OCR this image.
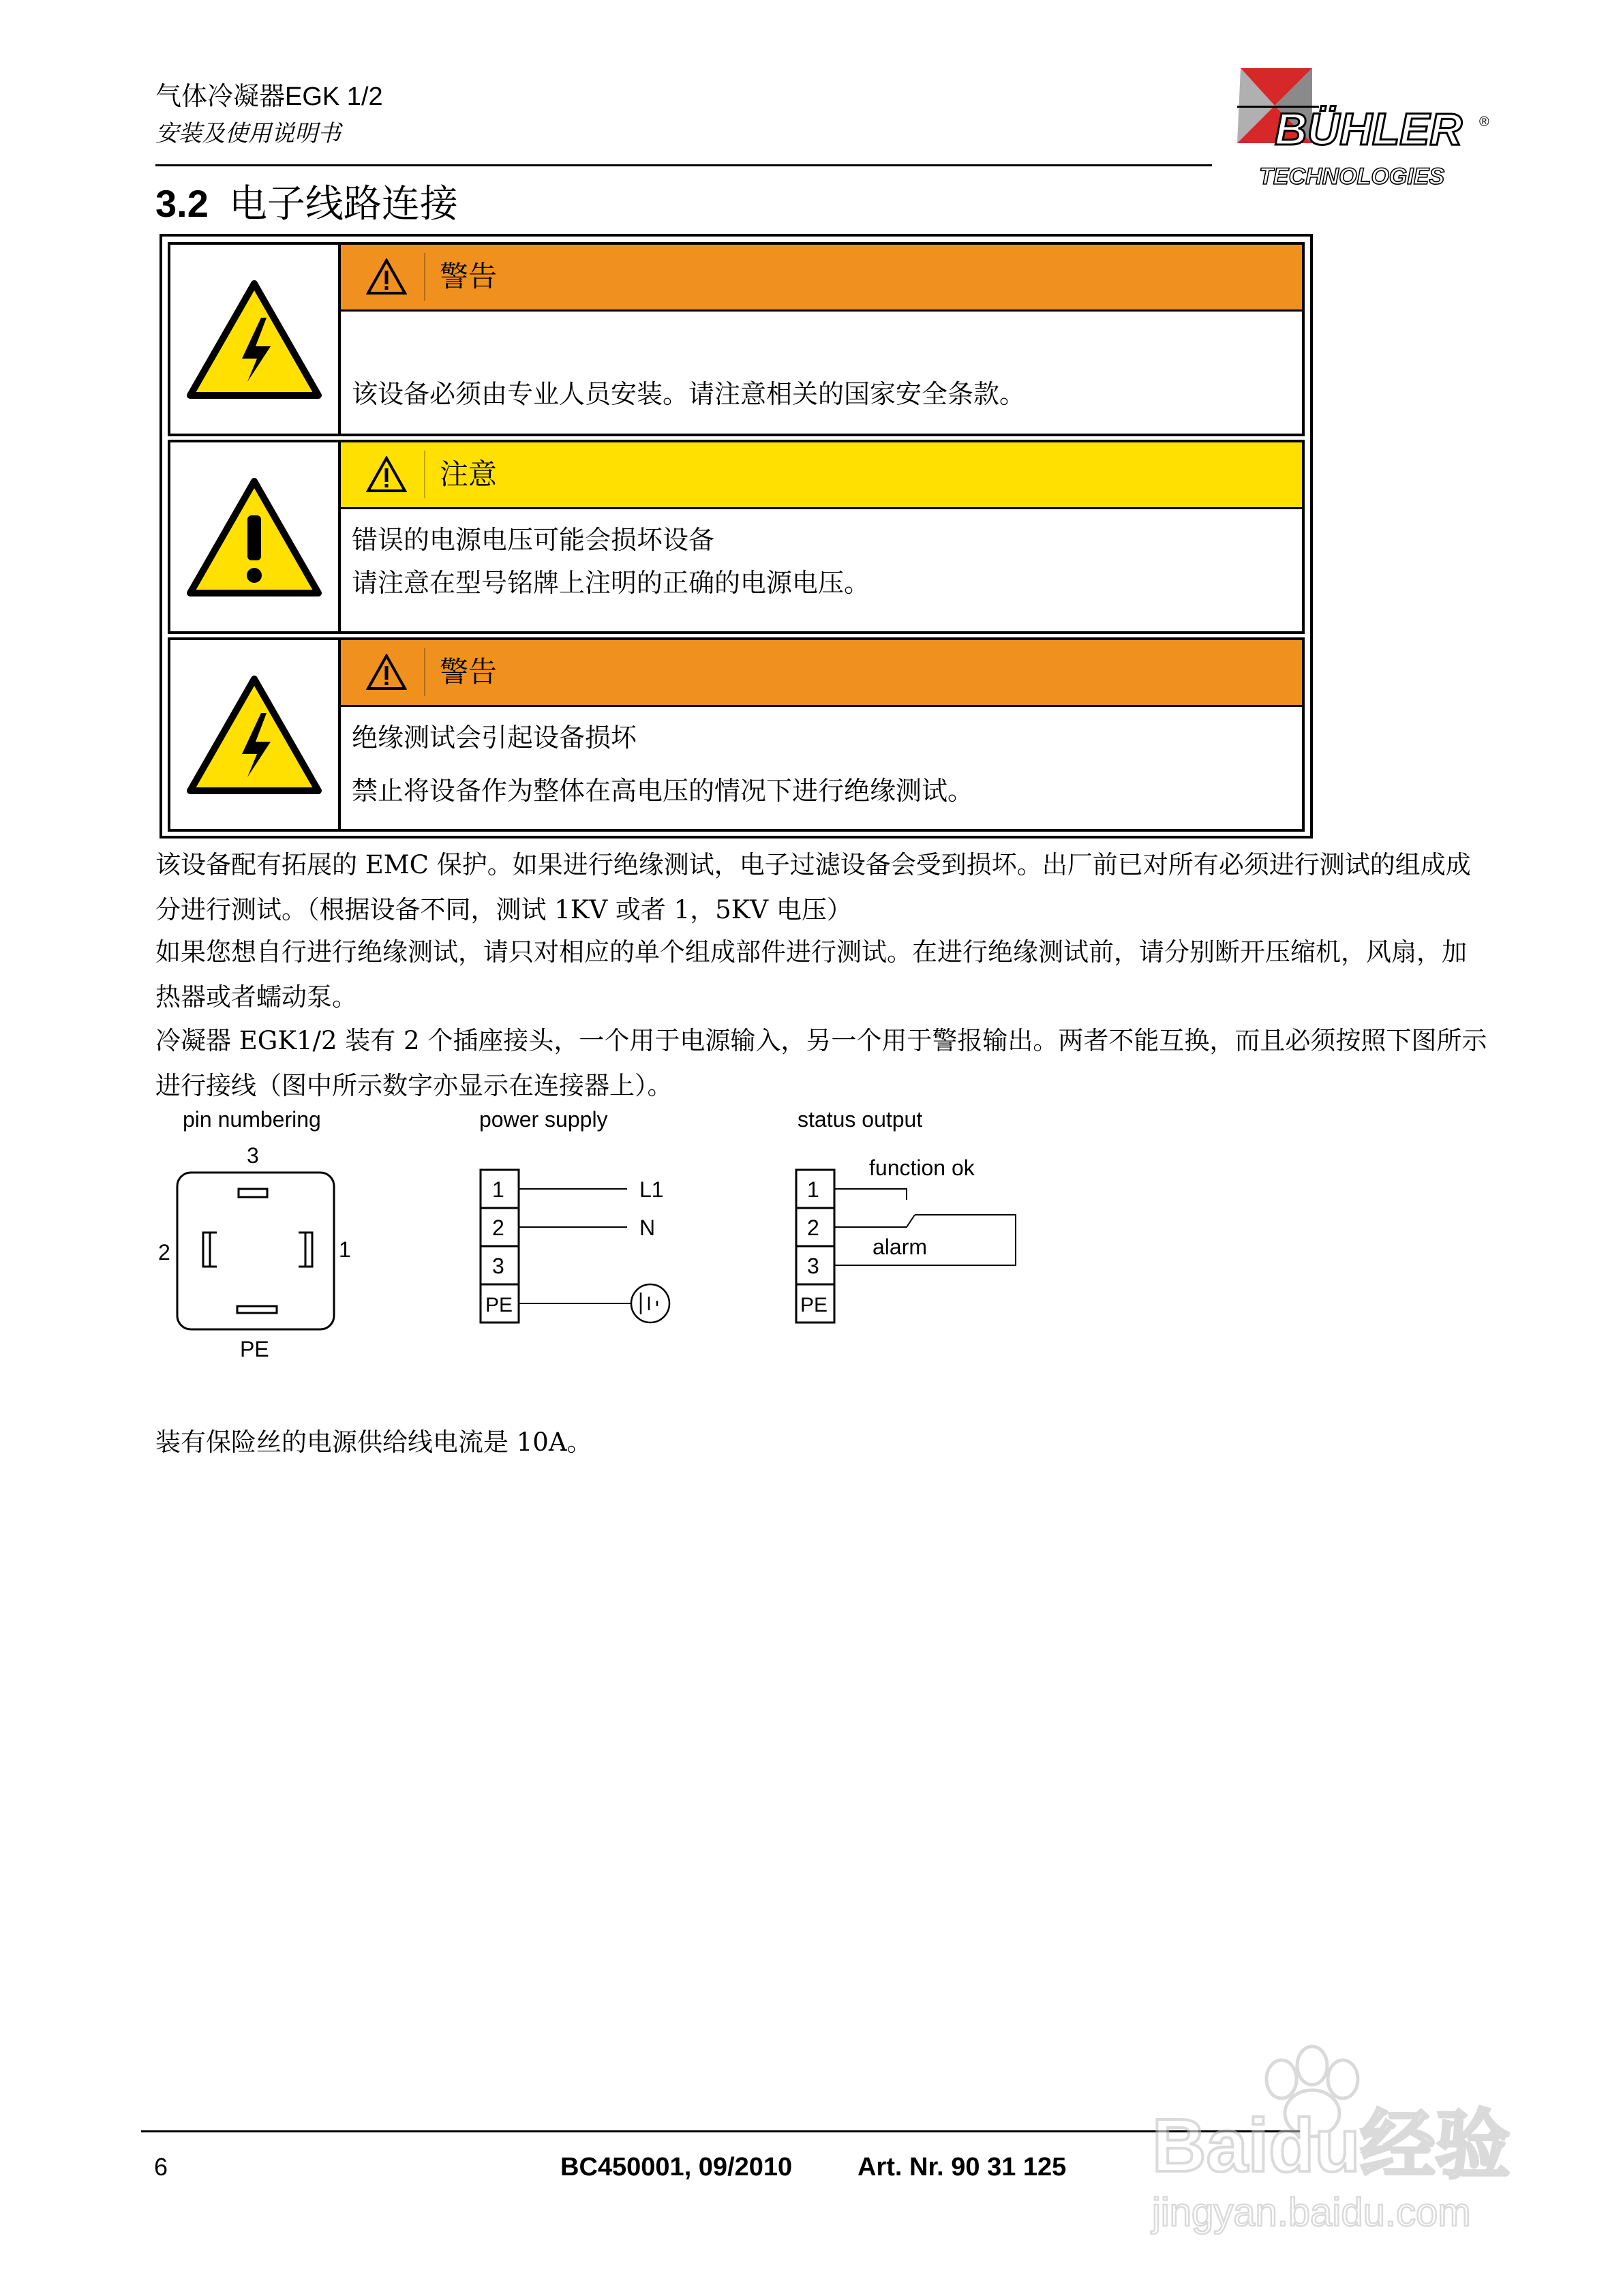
气体冷凝器EGK 1/2
安装及使用说明书	BÜHLER ®
TECHNOLOGIES
3.2 电子线路连接
警告
该设备必须由专业人员安装。请注意相关的国家安全条款。
注意
错误的电源电压可能会损坏设备
请注意在型号铭牌上注明的正确的电源电压。
警告
绝缘测试会引起设备损坏
禁止将设备作为整体在高电压的情况下进行绝缘测试。
该设备配有拓展的 EMC 保护。如果进行绝缘测试，电子过滤设备会受到损坏。出厂前已对所有必须进行测试的组成成分进行测试。（根据设备不同，测试 1KV 或者 1，5KV 电压）
如果您想自行进行绝缘测试，请只对相应的单个组成部件进行测试。在进行绝缘测试前，请分别断开压缩机，风扇，加热器或者蠕动泵。
冷凝器 EGK1/2 装有 2 个插座接头，一个用于电源输入，另一个用于警报输出。两者不能互换，而且必须按照下图所示进行接线（图中所示数字亦显示在连接器上）。
pin numbering	power supply	status output
3
2	1
PE
1
2
3
PE
L1
N
1
2
3
PE
function ok
alarm
装有保险丝的电源供给线电流是 10A。
6	BC450001, 09/2010	Art. Nr. 90 31 125 Baidu经验
jingyan.baidu.com
